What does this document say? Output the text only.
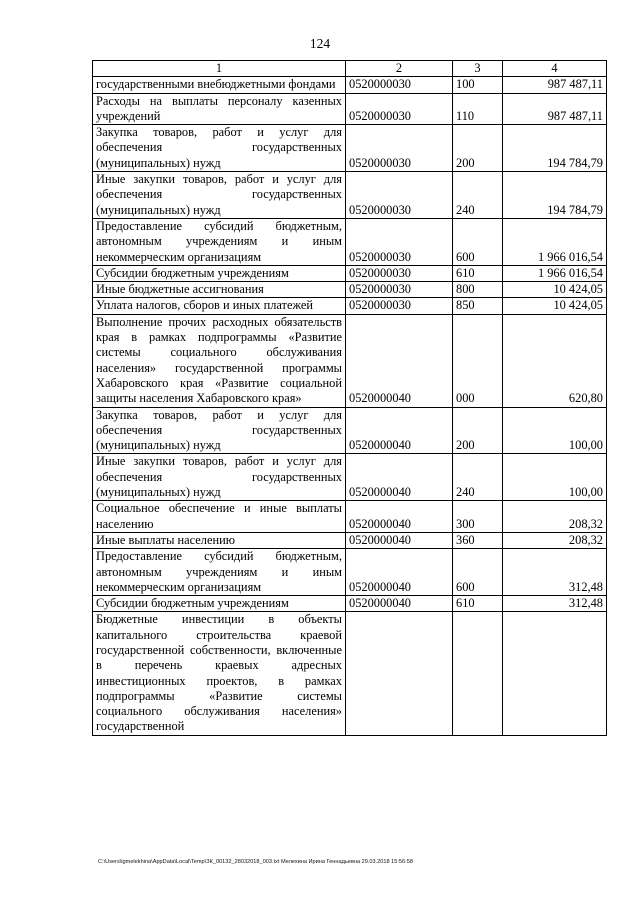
124
1	2	3	4
государственными внебюджетными фондами	0520000030	100	987 487,11
Расходы на выплаты персоналу казенных учреждений	0520000030	110	987 487,11
Закупка товаров, работ и услуг для обеспечения государственных (муниципальных) нужд	0520000030	200	194 784,79
Иные закупки товаров, работ и услуг для обеспечения государственных (муниципальных) нужд	0520000030	240	194 784,79
Предоставление субсидий бюджетным, автономным учреждениям и иным некоммерческим организациям	0520000030	600	1 966 016,54
Субсидии бюджетным учреждениям	0520000030	610	1 966 016,54
Иные бюджетные ассигнования	0520000030	800	10 424,05
Уплата налогов, сборов и иных платежей	0520000030	850	10 424,05
Выполнение прочих расходных обязательств края в рамках подпрограммы «Развитие системы социального обслуживания населения» государственной программы Хабаровского края «Развитие социальной защиты населения Хабаровского края»	0520000040	000	620,80
Закупка товаров, работ и услуг для обеспечения государственных (муниципальных) нужд	0520000040	200	100,00
Иные закупки товаров, работ и услуг для обеспечения государственных (муниципальных) нужд	0520000040	240	100,00
Социальное обеспечение и иные выплаты населению	0520000040	300	208,32
Иные выплаты населению	0520000040	360	208,32
Предоставление субсидий бюджетным, автономным учреждениям и иным некоммерческим организациям	0520000040	600	312,48
Субсидии бюджетным учреждениям	0520000040	610	312,48
Бюджетные инвестиции в объекты капитального строительства краевой государственной собственности, включенные в перечень краевых адресных инвестиционных проектов, в рамках подпрограммы «Развитие системы социального обслуживания населения» государственной			
C:\Users\igmelekhina\AppData\Local\Temp\ЗК_00132_28032018_003.txt Мелехина Ирина Геннадьевна 29.03.2018 15:56:58
